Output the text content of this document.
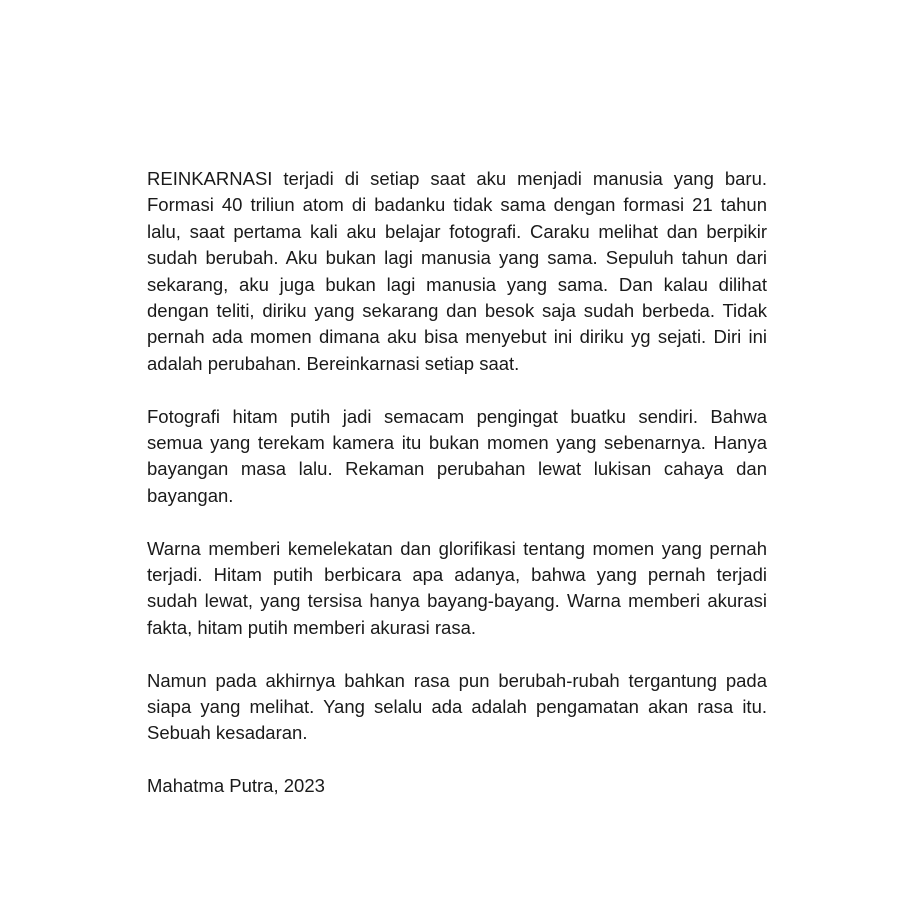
REINKARNASI terjadi di setiap saat aku menjadi manusia yang baru. Formasi 40 triliun atom di badanku tidak sama dengan formasi 21 tahun lalu, saat pertama kali aku belajar fotografi. Caraku melihat dan berpikir sudah berubah. Aku bukan lagi manusia yang sama. Sepuluh tahun dari sekarang, aku juga bukan lagi manusia yang sama. Dan kalau dilihat dengan teliti, diriku yang sekarang dan besok saja sudah berbeda. Tidak pernah ada momen dimana aku bisa menyebut ini diriku yg sejati. Diri ini adalah perubahan. Bereinkarnasi setiap saat.

Fotografi hitam putih jadi semacam pengingat buatku sendiri. Bahwa semua yang terekam kamera itu bukan momen yang sebenarnya. Hanya bayangan masa lalu. Rekaman perubahan lewat lukisan cahaya dan bayangan.

Warna memberi kemelekatan dan glorifikasi tentang momen yang pernah terjadi. Hitam putih berbicara apa adanya, bahwa yang pernah terjadi sudah lewat, yang tersisa hanya bayang-bayang. Warna memberi akurasi fakta, hitam putih memberi akurasi rasa.

Namun pada akhirnya bahkan rasa pun berubah-rubah tergantung pada siapa yang melihat. Yang selalu ada adalah pengamatan akan rasa itu. Sebuah kesadaran.

Mahatma Putra, 2023
